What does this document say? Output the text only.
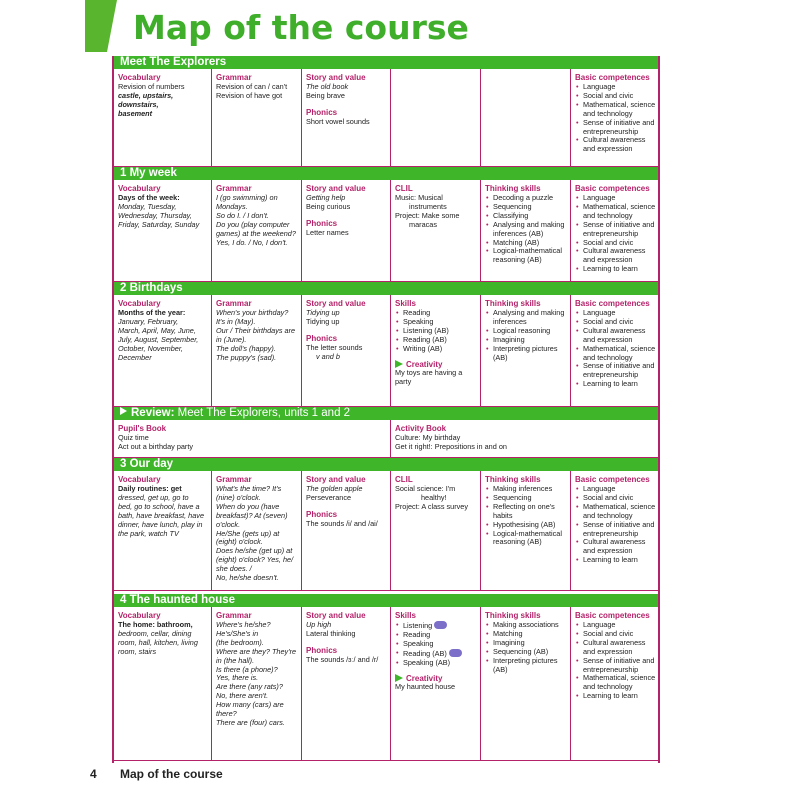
Map of the course
Meet The Explorers
Vocabulary
Revision of numbers
castle, upstairs,
downstairs,
basement
Grammar
Revision of can / can't
Revision of have got
Story and value
The old book
Being brave
Phonics
Short vowel sounds
Basic competences
• Language
• Social and civic
• Mathematical, science and technology
• Sense of initiative and entrepreneurship
• Cultural awareness and expression
1 My week
Vocabulary
Days of the week:
Monday, Tuesday,
Wednesday, Thursday,
Friday, Saturday, Sunday
Grammar
I (go swimming) on
Mondays.
So do I. / I don't.
Do you (play computer
games) at the weekend?
Yes, I do. / No, I don't.
Story and value
Getting help
Being curious
Phonics
Letter names
CLIL
Music: Musical
instruments
Project: Make some
maracas
Thinking skills
• Decoding a puzzle
• Sequencing
• Classifying
• Analysing and making inferences (AB)
• Matching (AB)
• Logical-mathematical reasoning (AB)
Basic competences
• Language
• Mathematical, science and technology
• Sense of initiative and entrepreneurship
• Social and civic
• Cultural awareness and expression
• Learning to learn
2 Birthdays
Vocabulary
Months of the year:
January, February,
March, April, May, June,
July, August, September,
October, November,
December
Grammar
When's your birthday?
It's in (May).
Our / Their birthdays are
in (June).
The doll's (happy).
The puppy's (sad).
Story and value
Tidying up
Tidying up
Phonics
The letter sounds
v and b
Skills
• Reading
• Speaking
• Listening (AB)
• Reading (AB)
• Writing (AB)
Creativity
My toys are having a party
Thinking skills
• Analysing and making inferences
• Logical reasoning
• Imagining
• Interpreting pictures (AB)
Basic competences
• Language
• Social and civic
• Cultural awareness and expression
• Mathematical, science and technology
• Sense of initiative and entrepreneurship
• Learning to learn
Review: Meet The Explorers, units 1 and 2
Pupil's Book
Quiz time
Act out a birthday party
Activity Book
Culture: My birthday
Get it right!: Prepositions in and on
3 Our day
Vocabulary
Daily routines: get
dressed, get up, go to
bed, go to school, have a
bath, have breakfast, have
dinner, have lunch, play in
the park, watch TV
Grammar
What's the time? It's
(nine) o'clock.
When do you (have
breakfast)? At (seven)
o'clock.
He/She (gets up) at
(eight) o'clock.
Does he/she (get up) at
(eight) o'clock? Yes, he/
she does. /
No, he/she doesn't.
Story and value
The golden apple
Perseverance
Phonics
The sounds /i/ and /ai/
CLIL
Social science: I'm
healthy!
Project: A class survey
Thinking skills
• Making inferences
• Sequencing
• Reflecting on one's habits
• Hypothesising (AB)
• Logical-mathematical reasoning (AB)
Basic competences
• Language
• Social and civic
• Mathematical, science and technology
• Sense of initiative and entrepreneurship
• Cultural awareness and expression
• Learning to learn
4 The haunted house
Vocabulary
The home: bathroom,
bedroom, cellar, dining
room, hall, kitchen, living
room, stairs
Grammar
Where's he/she?
He's/She's in
(the bedroom).
Where are they? They're
in (the hall).
Is there (a phone)?
Yes, there is.
Are there (any rats)?
No, there aren't.
How many (cars) are
there?
There are (four) cars.
Story and value
Up high
Lateral thinking
Phonics
The sounds /ɜː/ and /r/
Skills
• Listening
• Reading
• Speaking
• Reading (AB)
• Speaking (AB)
Creativity
My haunted house
Thinking skills
• Making associations
• Matching
• Imagining
• Sequencing (AB)
• Interpreting pictures (AB)
Basic competences
• Language
• Social and civic
• Cultural awareness and expression
• Sense of initiative and entrepreneurship
• Mathematical, science and technology
• Learning to learn
4 Map of the course
